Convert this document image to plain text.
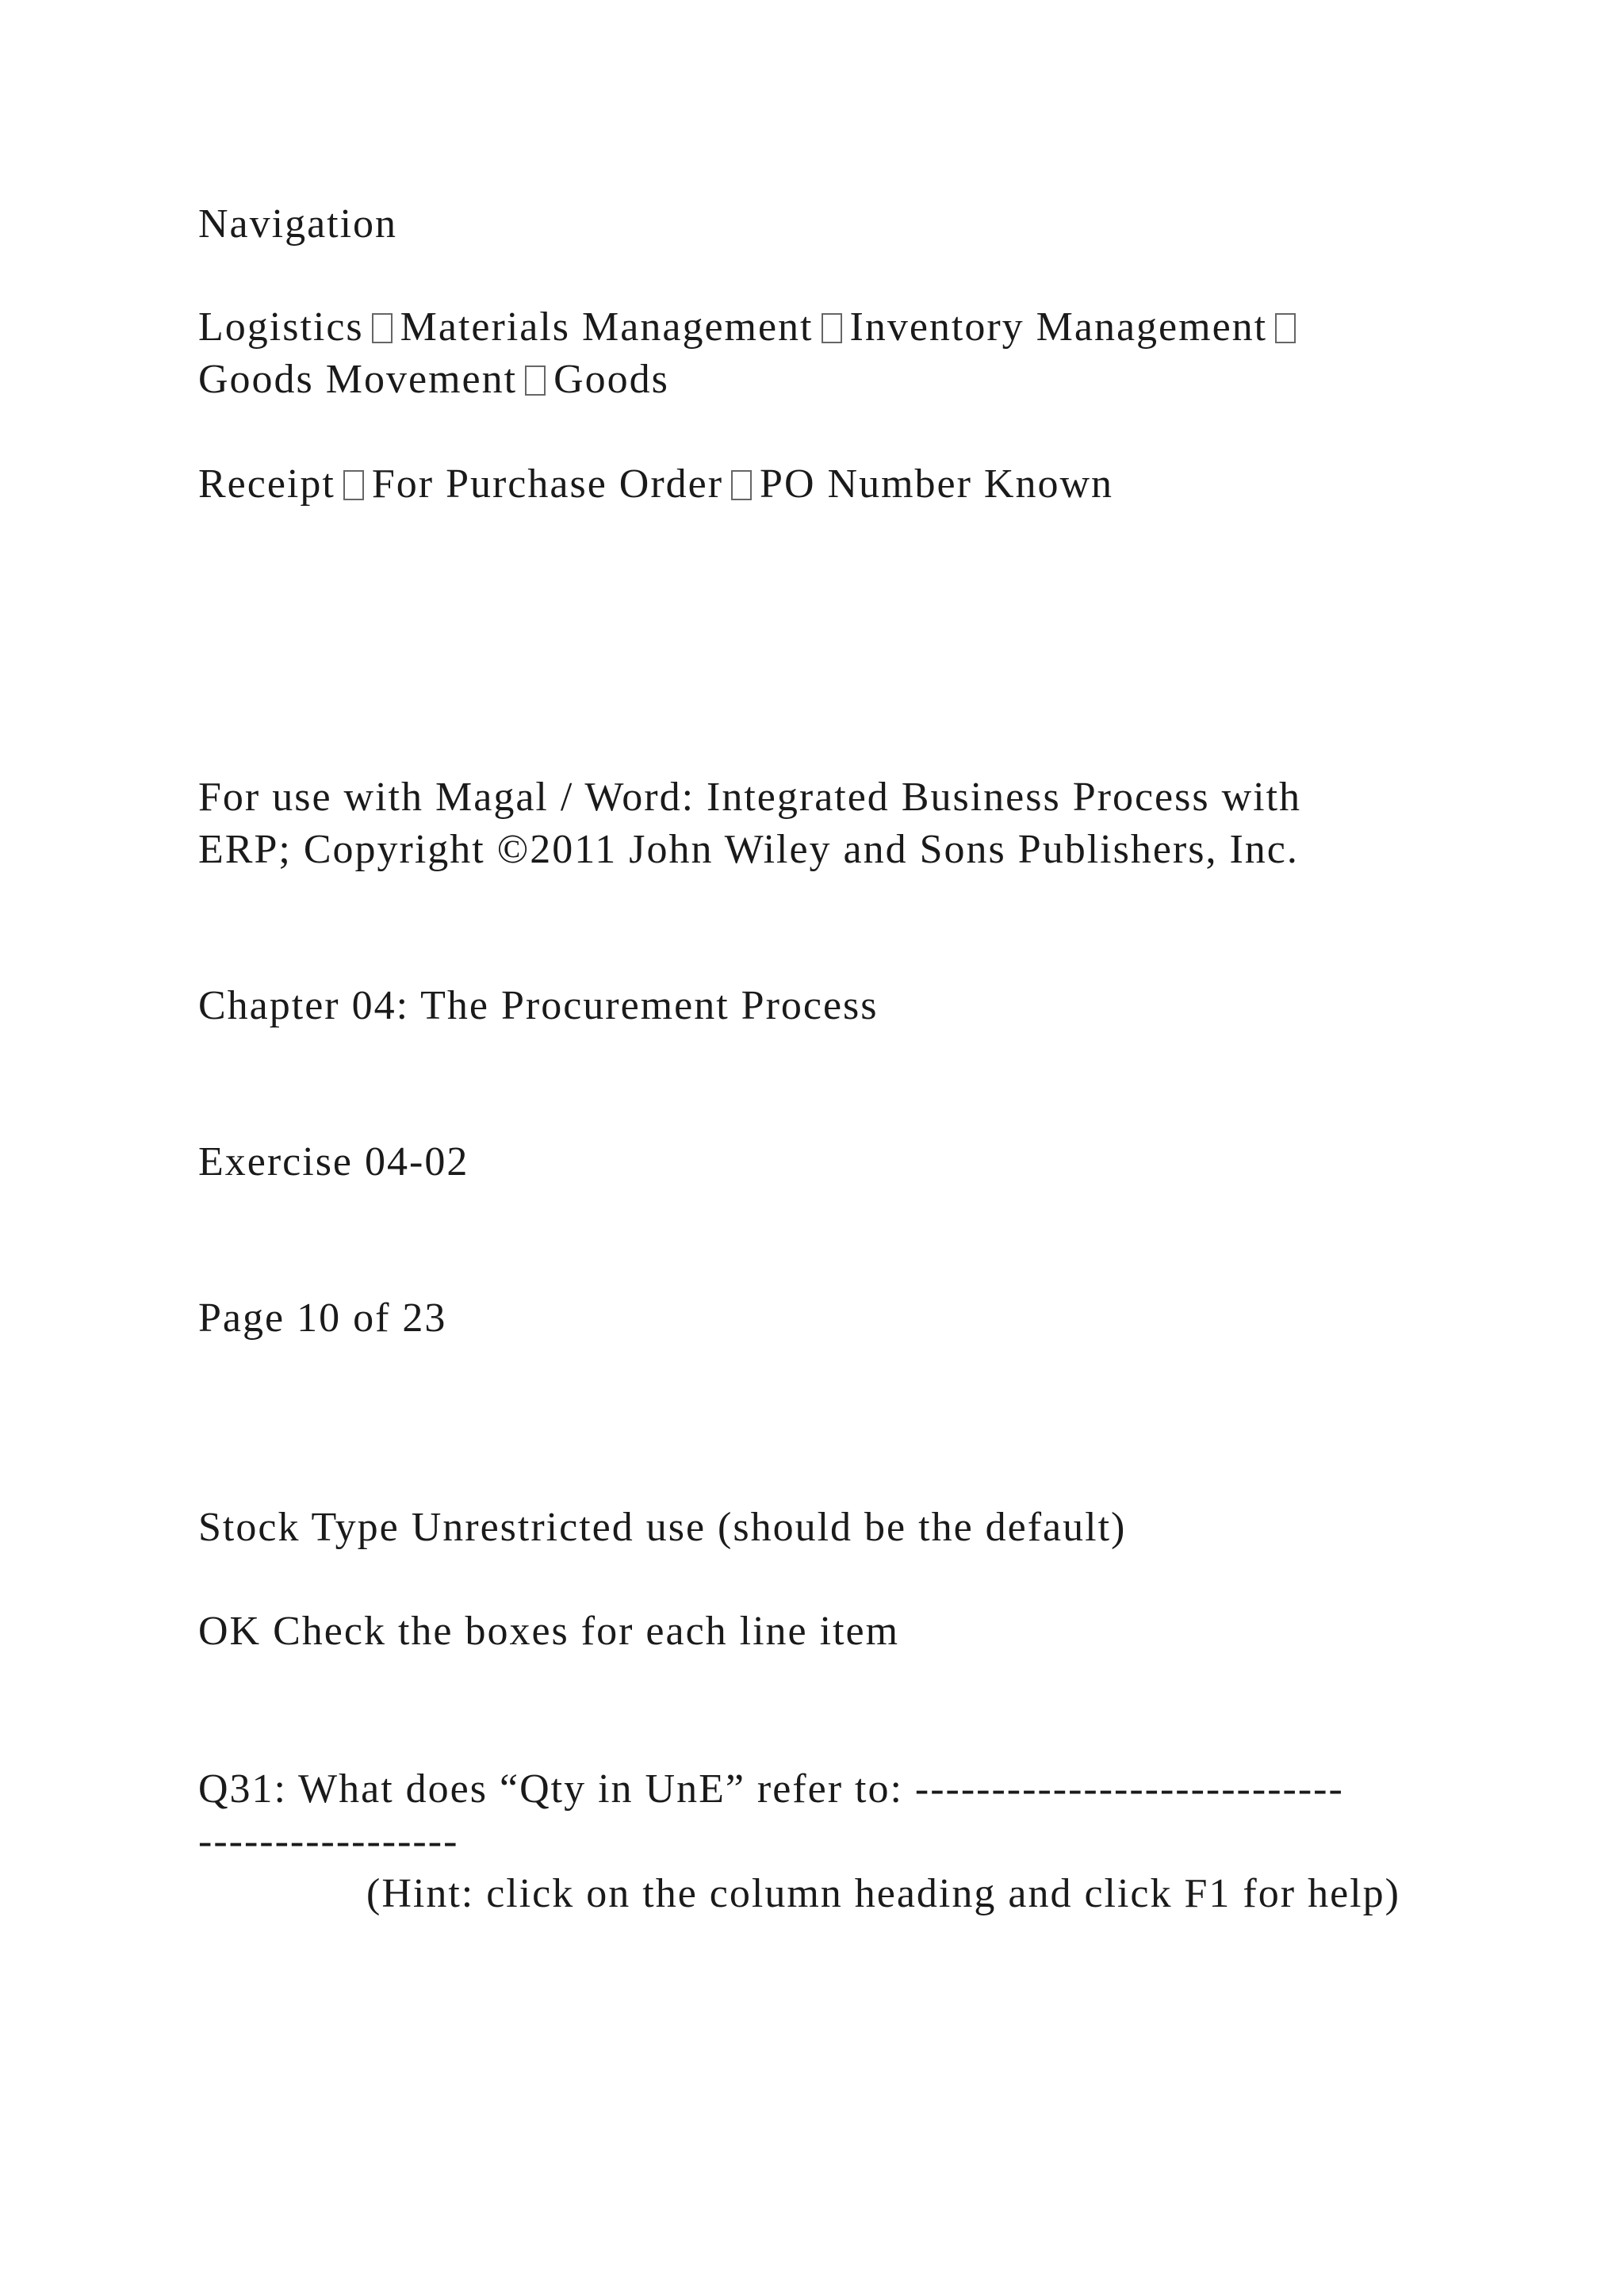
Navigation
Logistics Materials Management Inventory Management
Goods Movement Goods
Receipt For Purchase Order PO Number Known
For use with Magal / Word: Integrated Business Process with
ERP; Copyright ©2011 John Wiley and Sons Publishers, Inc.
Chapter 04: The Procurement Process
Exercise 04-02
Page 10 of 23
Stock Type Unrestricted use (should be the default)
OK Check the boxes for each line item
Q31: What does “Qty in UnE” refer to: ----------------------------
-----------------
(Hint: click on the column heading and click F1 for help)
